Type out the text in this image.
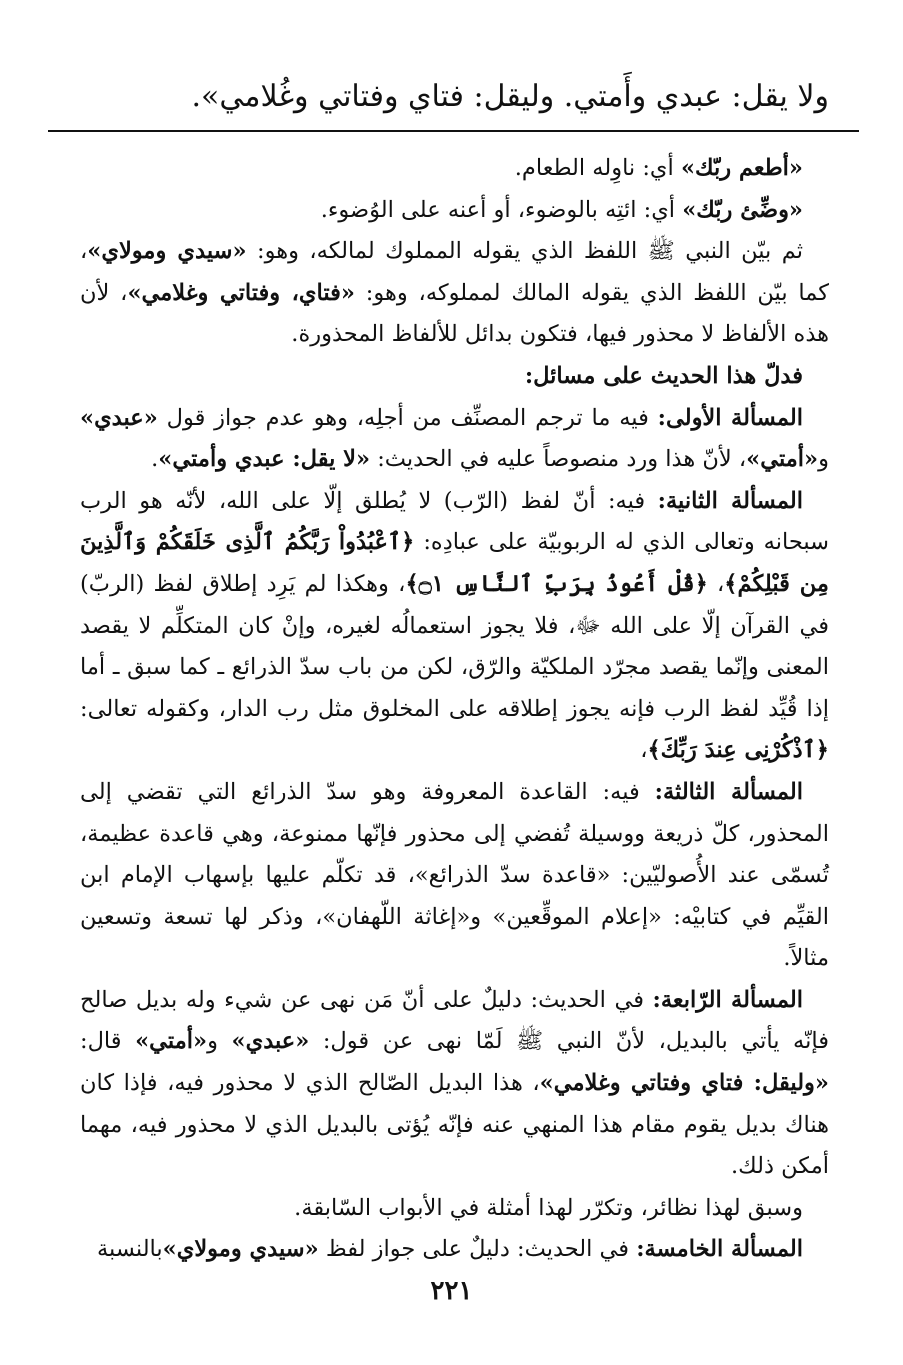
ولا يقل: عبدي وأَمتي. وليقل: فتاي وفتاتي وغُلامي».

«أطعم ربّك» أي: ناوِله الطعام.

«وضِّئ ربّك» أي: ائتِه بالوضوء، أو أعنه على الوُضوء.

ثم بيّن النبي ﷺ اللفظ الذي يقوله المملوك لمالكه، وهو: «سيدي ومولاي»، كما بيّن اللفظ الذي يقوله المالك لمملوكه، وهو: «فتاي، وفتاتي وغلامي»، لأن هذه الألفاظ لا محذور فيها، فتكون بدائل للألفاظ المحذورة.

فدلّ هذا الحديث على مسائل:

المسألة الأولى: فيه ما ترجم المصنِّف من أجلِه، وهو عدم جواز قول «عبدي» و«أمتي»، لأنّ هذا ورد منصوصاً عليه في الحديث: «لا يقل: عبدي وأمتي».

المسألة الثانية: فيه: أنّ لفظ (الرّب) لا يُطلق إلّا على الله، لأنّه هو الرب سبحانه وتعالى الذي له الربوبيّة على عبادِه: ﴿ٱعْبُدُواْ رَبَّكُمُ ٱلَّذِى خَلَقَكُمْ وَٱلَّذِينَ مِن قَبْلِكُمْ﴾، ﴿قُلْ أَعُوذُ بِرَبِّ ٱلنَّاسِ ۝١﴾، وهكذا لم يَرِد إطلاق لفظ (الربّ) في القرآن إلّا على الله ﷻ، فلا يجوز استعمالُه لغيره، وإنْ كان المتكلِّم لا يقصد المعنى وإنّما يقصد مجرّد الملكيّة والرّق، لكن من باب سدّ الذرائع ـ كما سبق ـ أما إذا قُيِّد لفظ الرب فإنه يجوز إطلاقه على المخلوق مثل رب الدار، وكقوله تعالى: ﴿ٱذْكُرْنِى عِندَ رَبِّكَ﴾،

المسألة الثالثة: فيه: القاعدة المعروفة وهو سدّ الذرائع التي تقضي إلى المحذور، كلّ ذريعة ووسيلة تُفضي إلى محذور فإنّها ممنوعة، وهي قاعدة عظيمة، تُسمّى عند الأُصوليّين: «قاعدة سدّ الذرائع»، قد تكلّم عليها بإسهاب الإمام ابن القيِّم في كتابيْه: «إعلام الموقِّعين» و«إغاثة اللّهفان»، وذكر لها تسعة وتسعين مثالاً.

المسألة الرّابعة: في الحديث: دليلٌ على أنّ مَن نهى عن شيء وله بديل صالح فإنّه يأتي بالبديل، لأنّ النبي ﷺ لَمّا نهى عن قول: «عبدي» و«أمتي» قال: «وليقل: فتاي وفتاتي وغلامي»، هذا البديل الصّالح الذي لا محذور فيه، فإذا كان هناك بديل يقوم مقام هذا المنهي عنه فإنّه يُؤتى بالبديل الذي لا محذور فيه، مهما أمكن ذلك.

وسبق لهذا نظائر، وتكرّر لهذا أمثلة في الأبواب السّابقة.

المسألة الخامسة: في الحديث: دليلٌ على جواز لفظ «سيدي ومولاي»بالنسبة

٢٢١
